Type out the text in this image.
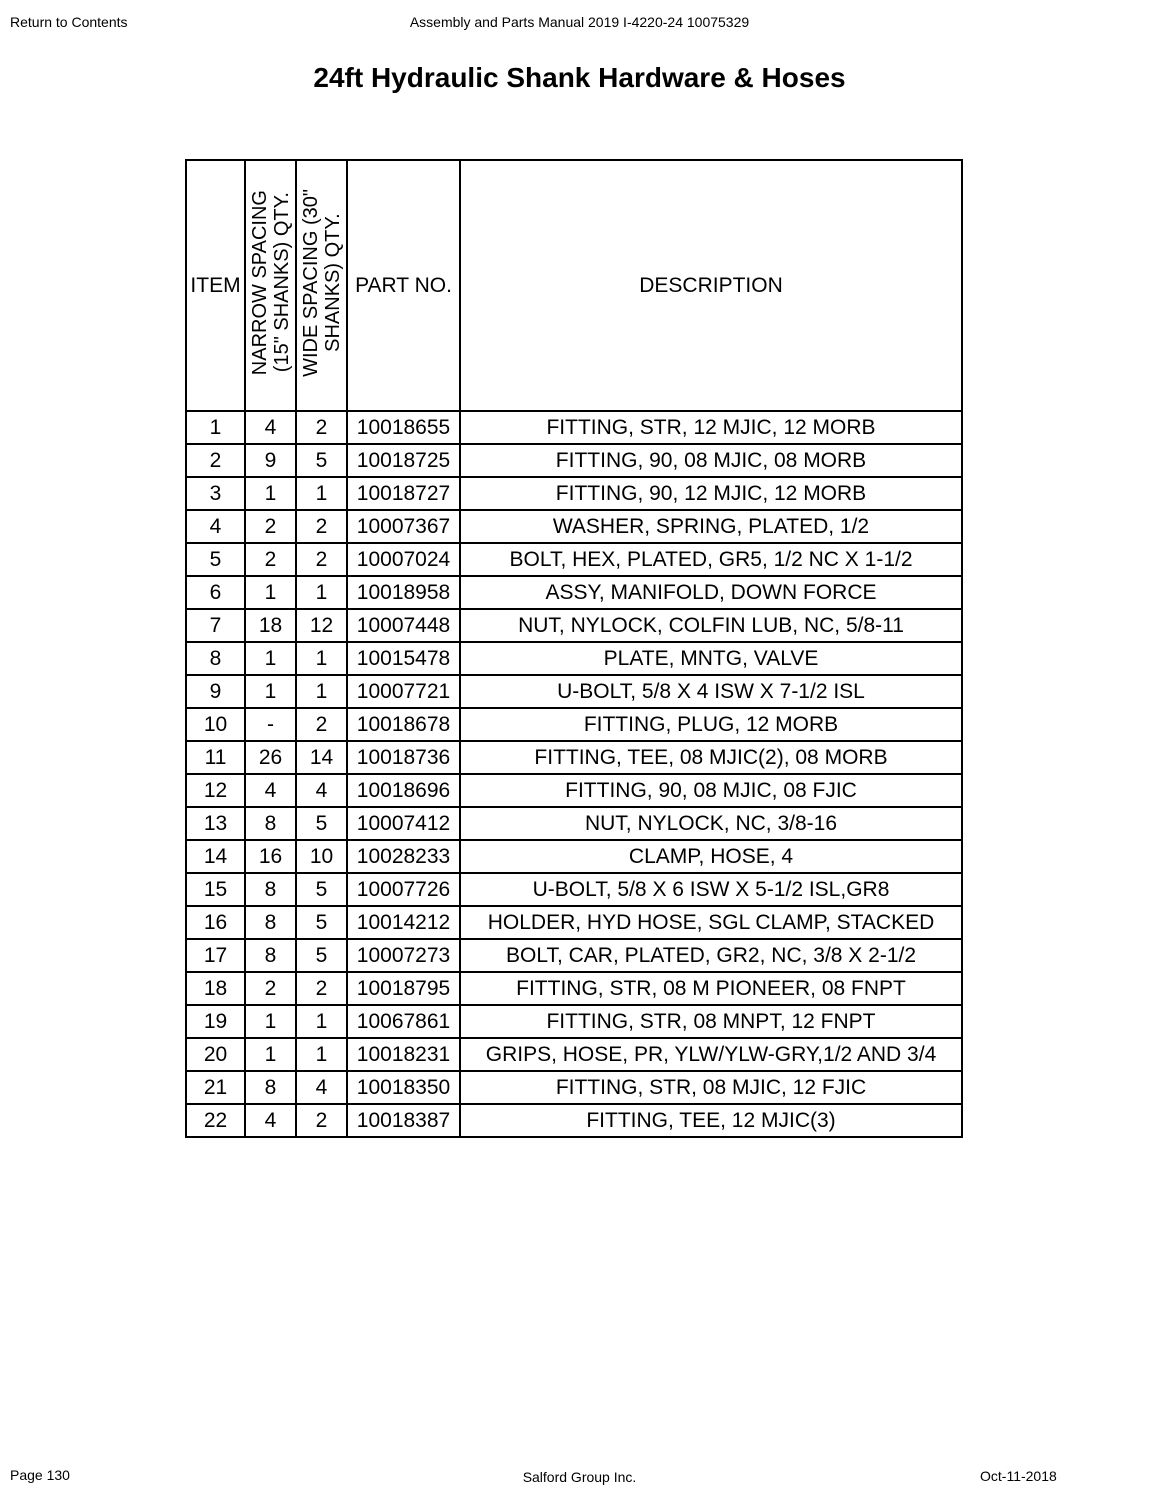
Return to Contents	Assembly and Parts Manual 2019 I-4220-24 10075329
24ft Hydraulic Shank Hardware & Hoses
ITEM	NARROW SPACING (15" SHANKS) QTY.	WIDE SPACING (30" SHANKS) QTY.	PART NO.	DESCRIPTION
1	4	2	10018655	FITTING, STR, 12 MJIC, 12 MORB
2	9	5	10018725	FITTING, 90, 08 MJIC, 08 MORB
3	1	1	10018727	FITTING, 90, 12 MJIC, 12 MORB
4	2	2	10007367	WASHER, SPRING, PLATED, 1/2
5	2	2	10007024	BOLT, HEX, PLATED, GR5, 1/2 NC X 1-1/2
6	1	1	10018958	ASSY, MANIFOLD, DOWN FORCE
7	18	12	10007448	NUT, NYLOCK, COLFIN LUB, NC, 5/8-11
8	1	1	10015478	PLATE, MNTG, VALVE
9	1	1	10007721	U-BOLT, 5/8 X 4 ISW X 7-1/2 ISL
10	-	2	10018678	FITTING, PLUG, 12 MORB
11	26	14	10018736	FITTING, TEE, 08 MJIC(2), 08 MORB
12	4	4	10018696	FITTING, 90, 08 MJIC, 08 FJIC
13	8	5	10007412	NUT, NYLOCK, NC, 3/8-16
14	16	10	10028233	CLAMP, HOSE, 4
15	8	5	10007726	U-BOLT, 5/8 X 6 ISW X 5-1/2 ISL,GR8
16	8	5	10014212	HOLDER, HYD HOSE, SGL CLAMP, STACKED
17	8	5	10007273	BOLT, CAR, PLATED, GR2, NC, 3/8 X 2-1/2
18	2	2	10018795	FITTING, STR, 08 M PIONEER, 08 FNPT
19	1	1	10067861	FITTING, STR, 08 MNPT, 12 FNPT
20	1	1	10018231	GRIPS, HOSE, PR, YLW/YLW-GRY,1/2 AND 3/4
21	8	4	10018350	FITTING, STR, 08 MJIC, 12 FJIC
22	4	2	10018387	FITTING, TEE, 12 MJIC(3)
Page 130	Salford Group Inc.	Oct-11-2018
